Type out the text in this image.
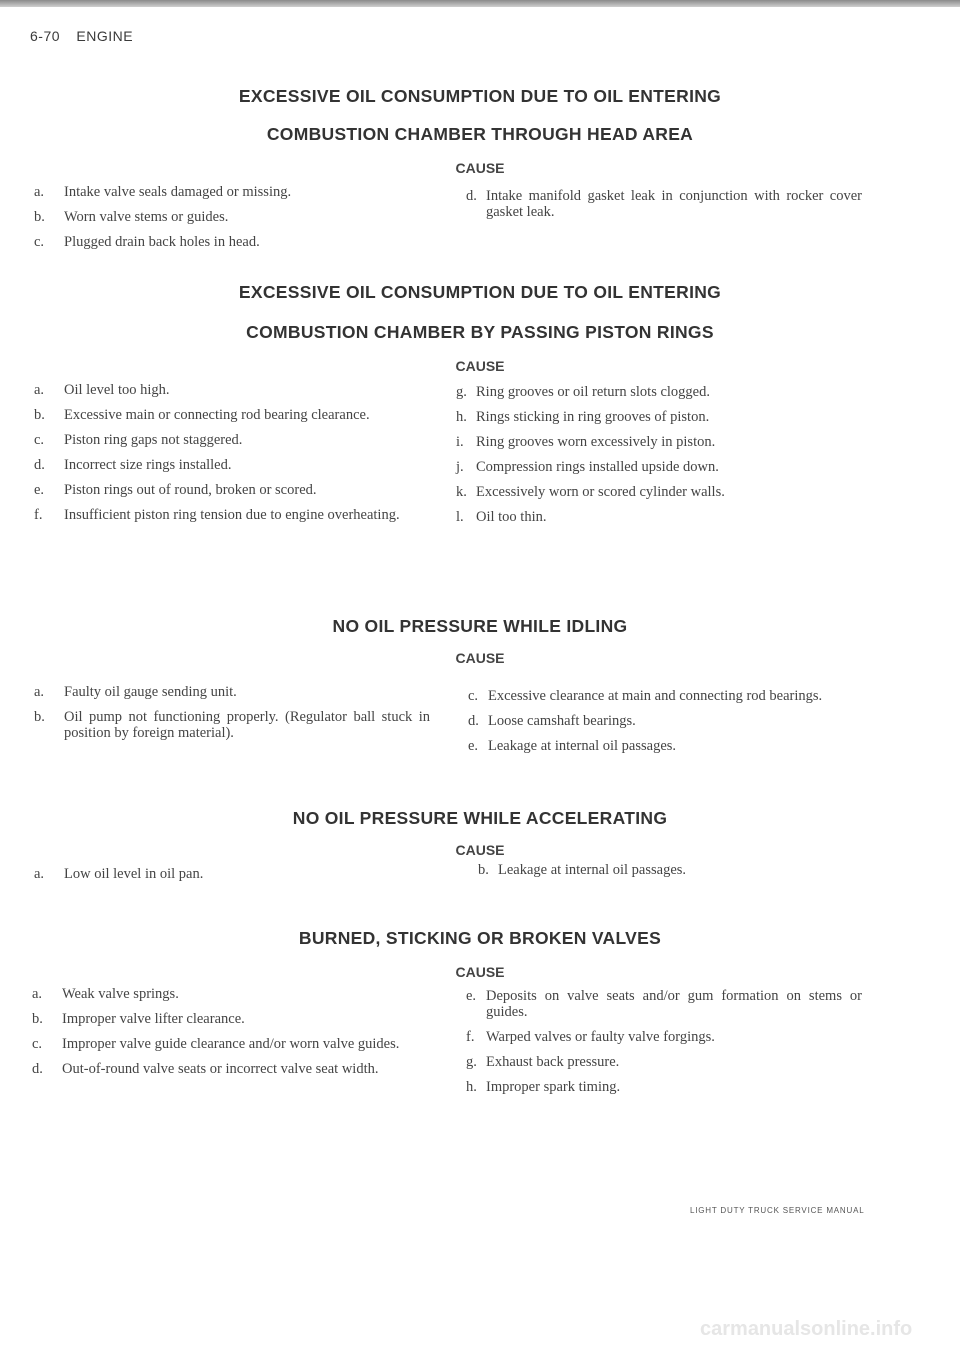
6-70 ENGINE
EXCESSIVE OIL CONSUMPTION DUE TO OIL ENTERING
COMBUSTION CHAMBER THROUGH HEAD AREA
CAUSE
a. Intake valve seals damaged or missing.
b. Worn valve stems or guides.
c. Plugged drain back holes in head.
d. Intake manifold gasket leak in conjunction with rocker cover gasket leak.
EXCESSIVE OIL CONSUMPTION DUE TO OIL ENTERING
COMBUSTION CHAMBER BY PASSING PISTON RINGS
CAUSE
a. Oil level too high.
b. Excessive main or connecting rod bearing clearance.
c. Piston ring gaps not staggered.
d. Incorrect size rings installed.
e. Piston rings out of round, broken or scored.
f. Insufficient piston ring tension due to engine overheating.
g. Ring grooves or oil return slots clogged.
h. Rings sticking in ring grooves of piston.
i. Ring grooves worn excessively in piston.
j. Compression rings installed upside down.
k. Excessively worn or scored cylinder walls.
l. Oil too thin.
NO OIL PRESSURE WHILE IDLING
CAUSE
a. Faulty oil gauge sending unit.
b. Oil pump not functioning properly. (Regulator ball stuck in position by foreign material).
c. Excessive clearance at main and connecting rod bearings.
d. Loose camshaft bearings.
e. Leakage at internal oil passages.
NO OIL PRESSURE WHILE ACCELERATING
CAUSE
a. Low oil level in oil pan.	b. Leakage at internal oil passages.
BURNED, STICKING OR BROKEN VALVES
CAUSE
a. Weak valve springs.
b. Improper valve lifter clearance.
c. Improper valve guide clearance and/or worn valve guides.
d. Out-of-round valve seats or incorrect valve seat width.
e. Deposits on valve seats and/or gum formation on stems or guides.
f. Warped valves or faulty valve forgings.
g. Exhaust back pressure.
h. Improper spark timing.
LIGHT DUTY TRUCK SERVICE MANUAL
carmanualsonline.info
